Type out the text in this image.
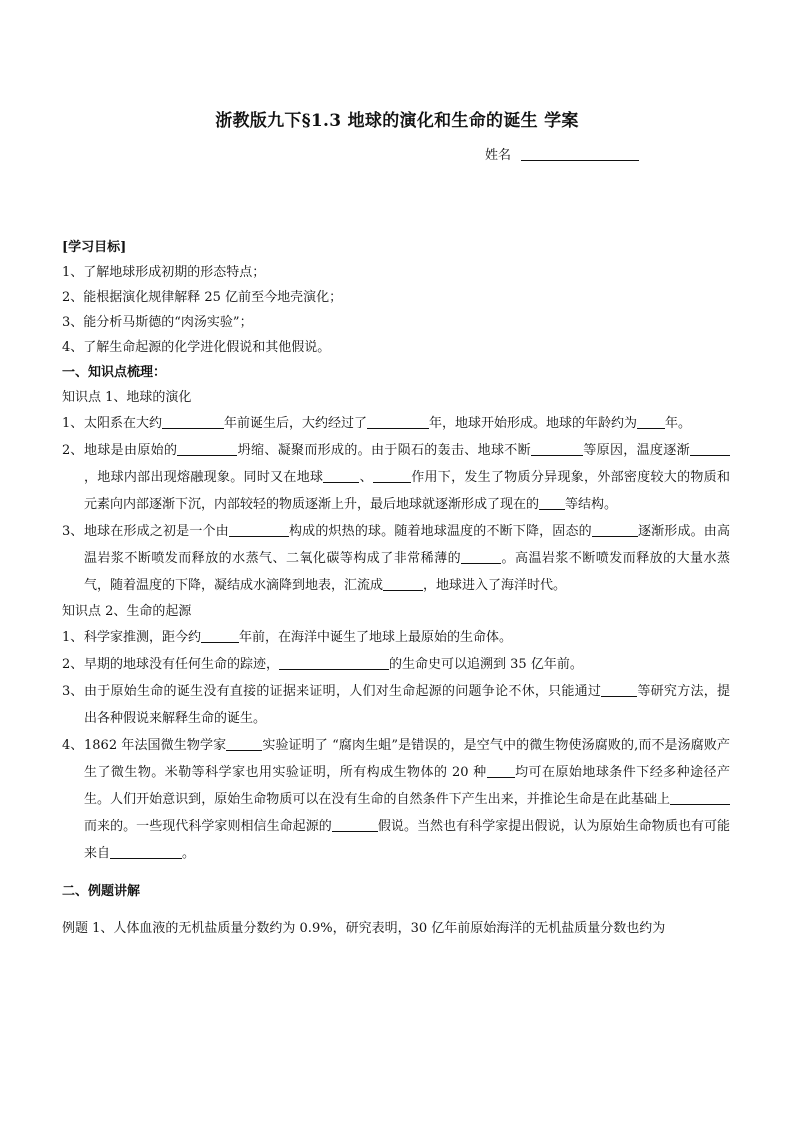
浙教版九下§1.3 地球的演化和生命的诞生 学案
姓名
[学习目标]
1、了解地球形成初期的形态特点；
2、能根据演化规律解释 25 亿前至今地壳演化；
3、能分析马斯德的“肉汤实验”；
4、了解生命起源的化学进化假说和其他假说。
一、知识点梳理：
知识点 1、地球的演化
1、 太阳系在大约	年前诞生后，大约经过了	年，地球开始形成。地球的年龄约为 年。
2、 地球是由原始的	坍缩、凝聚而形成的。由于陨石的轰击、地球不断	等原因，温度逐渐，地球内部出现熔融现象。同时又在地球	、	作用下，发生了物质分异现象，外部密度较大的物质和元素向内部逐渐下沉，内部较轻的物质逐渐上升，最后地球就逐渐形成了现在的 等结构。
3、 地球在形成之初是一个由	构成的炽热的球。随着地球温度的不断下降，固态的	逐渐形成。由高温岩浆不断喷发而释放的水蒸气、二氧化碳等构成了非常稀薄的	。高温岩浆不断喷发而释放的大量水蒸气，随着温度的下降，凝结成水滴降到地表，汇流成	，地球进入了海洋时代。
知识点 2、生命的起源
1、 科学家推测，距今约	年前，在海洋中诞生了地球上最原始的生命体。
2、 早期的地球没有任何生命的踪迹，	的生命史可以追溯到 35 亿年前。
3、 由于原始生命的诞生没有直接的证据来证明，人们对生命起源的问题争论不休，只能通过	等研究方法，提出各种假说来解释生命的诞生。
4、 1862 年法国微生物学家	实验证明了 “腐肉生蛆”是错误的，是空气中的微生物使汤腐败的,而不是汤腐败产生了微生物。米勒等科学家也用实验证明，所有构成生物体的 20 种 均可在原始地球条件下经多种途径产生。人们开始意识到，原始生命物质可以在没有生命的自然条件下产生出来，并推论生命是在此基础上而来的。一些现代科学家则相信生命起源的	假说。当然也有科学家提出假说，认为原始生命物质也有可能来自	。
二、例题讲解
例题 1、人体血液的无机盐质量分数约为 0.9%，研究表明，30 亿年前原始海洋的无机盐质量分数也约为
